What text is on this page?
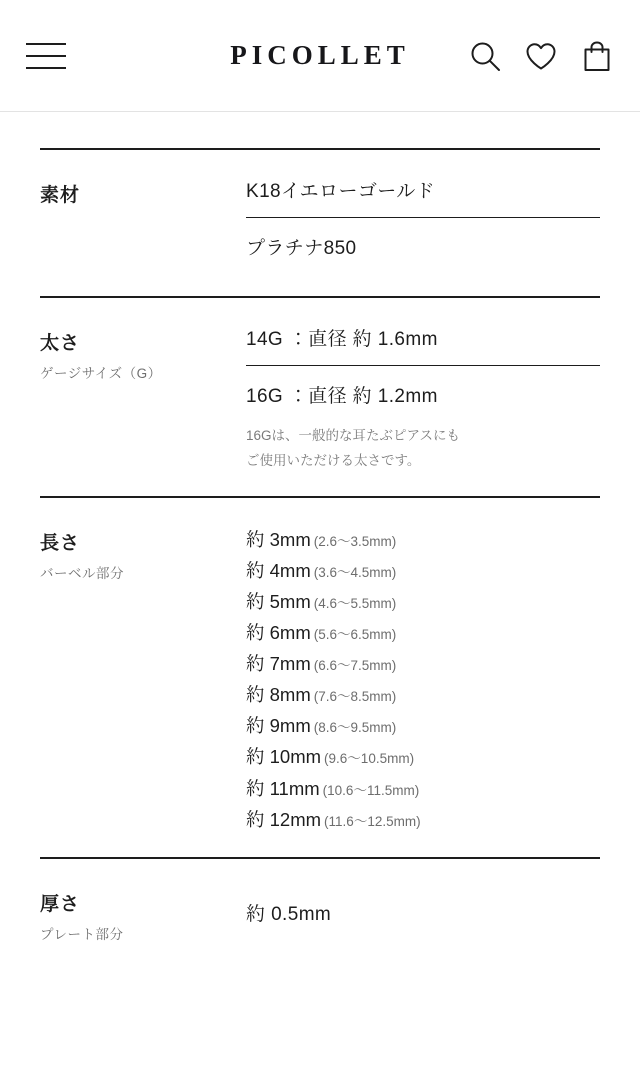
PICOLLET
素材	K18イエローゴールド
プラチナ850
太さ
ゲージサイズ（G）
14G ：直径 約 1.6mm
16G ：直径 約 1.2mm
16Gは、一般的な耳たぶピアスにも
ご使用いただける太さです。
長さ
バーベル部分
約 3mm (2.6〜3.5mm)
約 4mm (3.6〜4.5mm)
約 5mm (4.6〜5.5mm)
約 6mm (5.6〜6.5mm)
約 7mm (6.6〜7.5mm)
約 8mm (7.6〜8.5mm)
約 9mm (8.6〜9.5mm)
約 10mm (9.6〜10.5mm)
約 11mm (10.6〜11.5mm)
約 12mm (11.6〜12.5mm)
厚さ
プレート部分
約 0.5mm
